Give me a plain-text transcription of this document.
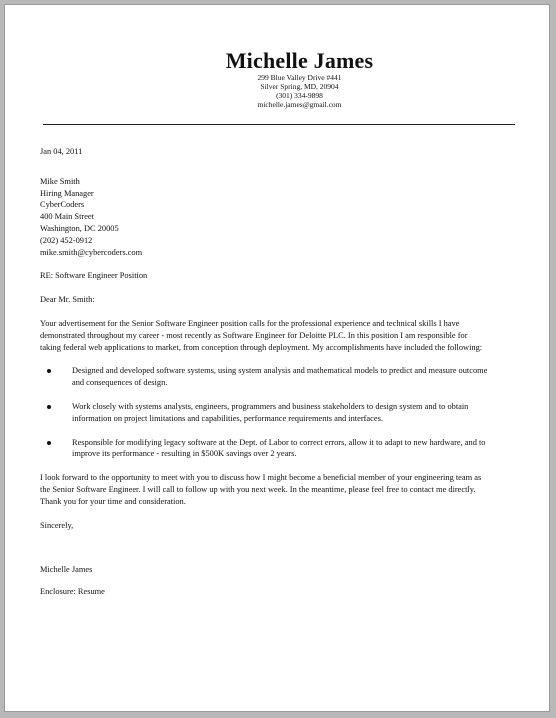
Michelle James
299 Blue Valley Drive #441
Silver Spring, MD, 20904
(301) 334-9898
michelle.james@gmail.com
Jan 04, 2011
Mike Smith
Hiring Manager
CyberCoders
400 Main Street
Washington, DC 20005
(202) 452-0912
mike.smith@cybercoders.com
RE: Software Engineer Position
Dear Mr. Smith:
Your advertisement for the Senior Software Engineer position calls for the professional experience and technical skills I have
demonstrated throughout my career - most recently as Software Engineer for Deloitte PLC. In this position I am responsible for
taking federal web applications to market, from conception through deployment. My accomplishments have included the following:
Designed and developed software systems, using system analysis and mathematical models to predict and measure outcome
and consequences of design.
Work closely with systems analysts, engineers, programmers and business stakeholders to design system and to obtain
information on project limitations and capabilities, performance requirements and interfaces.
Responsible for modifying legacy software at the Dept. of Labor to correct errors, allow it to adapt to new hardware, and to
improve its performance - resulting in $500K savings over 2 years.
I look forward to the opportunity to meet with you to discuss how I might become a beneficial member of your engineering team as
the Senior Software Engineer. I will call to follow up with you next week. In the meantime, please feel free to contact me directly.
Thank you for your time and consideration.
Sincerely,
Michelle James
Enclosure: Resume
